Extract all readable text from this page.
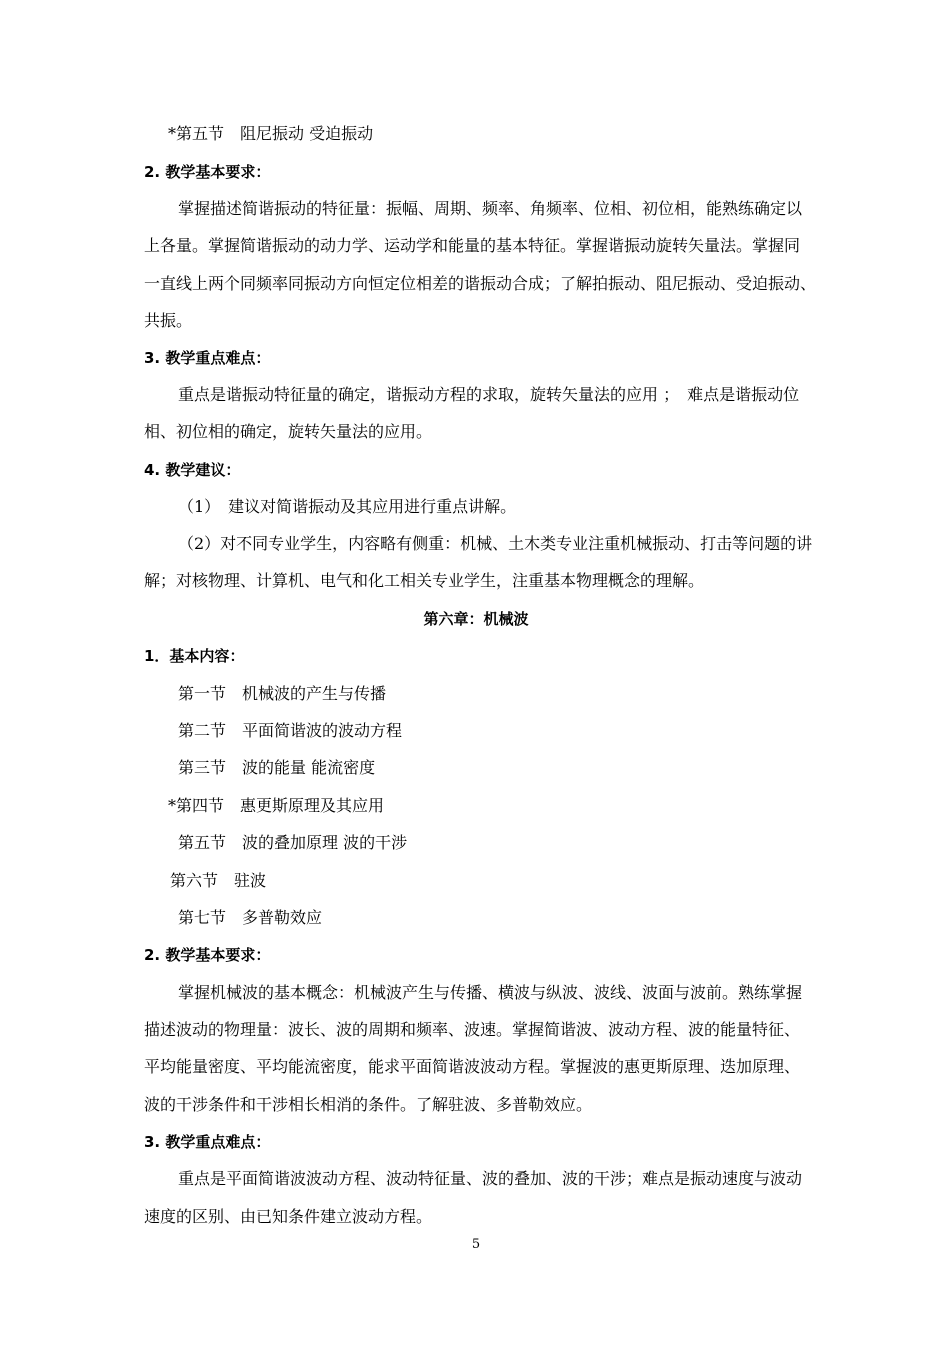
*第五节　阻尼振动 受迫振动
2. 教学基本要求：
掌握描述简谐振动的特征量：振幅、周期、频率、角频率、位相、初位相，能熟练确定以
上各量。掌握简谐振动的动力学、运动学和能量的基本特征。掌握谐振动旋转矢量法。掌握同
一直线上两个同频率同振动方向恒定位相差的谐振动合成；了解拍振动、阻尼振动、受迫振动、
共振。
3. 教学重点难点：
重点是谐振动特征量的确定，谐振动方程的求取，旋转矢量法的应用 ；　难点是谐振动位
相、初位相的确定，旋转矢量法的应用。
4. 教学建议：
（1）　建议对简谐振动及其应用进行重点讲解。
（2）对不同专业学生，内容略有侧重：机械、土木类专业注重机械振动、打击等问题的讲
解；对核物理、计算机、电气和化工相关专业学生，注重基本物理概念的理解。
第六章：机械波
1．基本内容：
第一节　机械波的产生与传播
第二节　平面简谐波的波动方程
第三节　波的能量 能流密度
*第四节　惠更斯原理及其应用
第五节　波的叠加原理 波的干涉
第六节　驻波
第七节　多普勒效应
2. 教学基本要求：
掌握机械波的基本概念：机械波产生与传播、横波与纵波、波线、波面与波前。熟练掌握
描述波动的物理量：波长、波的周期和频率、波速。掌握简谐波、波动方程、波的能量特征、
平均能量密度、平均能流密度，能求平面简谐波波动方程。掌握波的惠更斯原理、迭加原理、
波的干涉条件和干涉相长相消的条件。了解驻波、多普勒效应。
3. 教学重点难点：
重点是平面简谐波波动方程、波动特征量、波的叠加、波的干涉；难点是振动速度与波动
速度的区别、由已知条件建立波动方程。
5
